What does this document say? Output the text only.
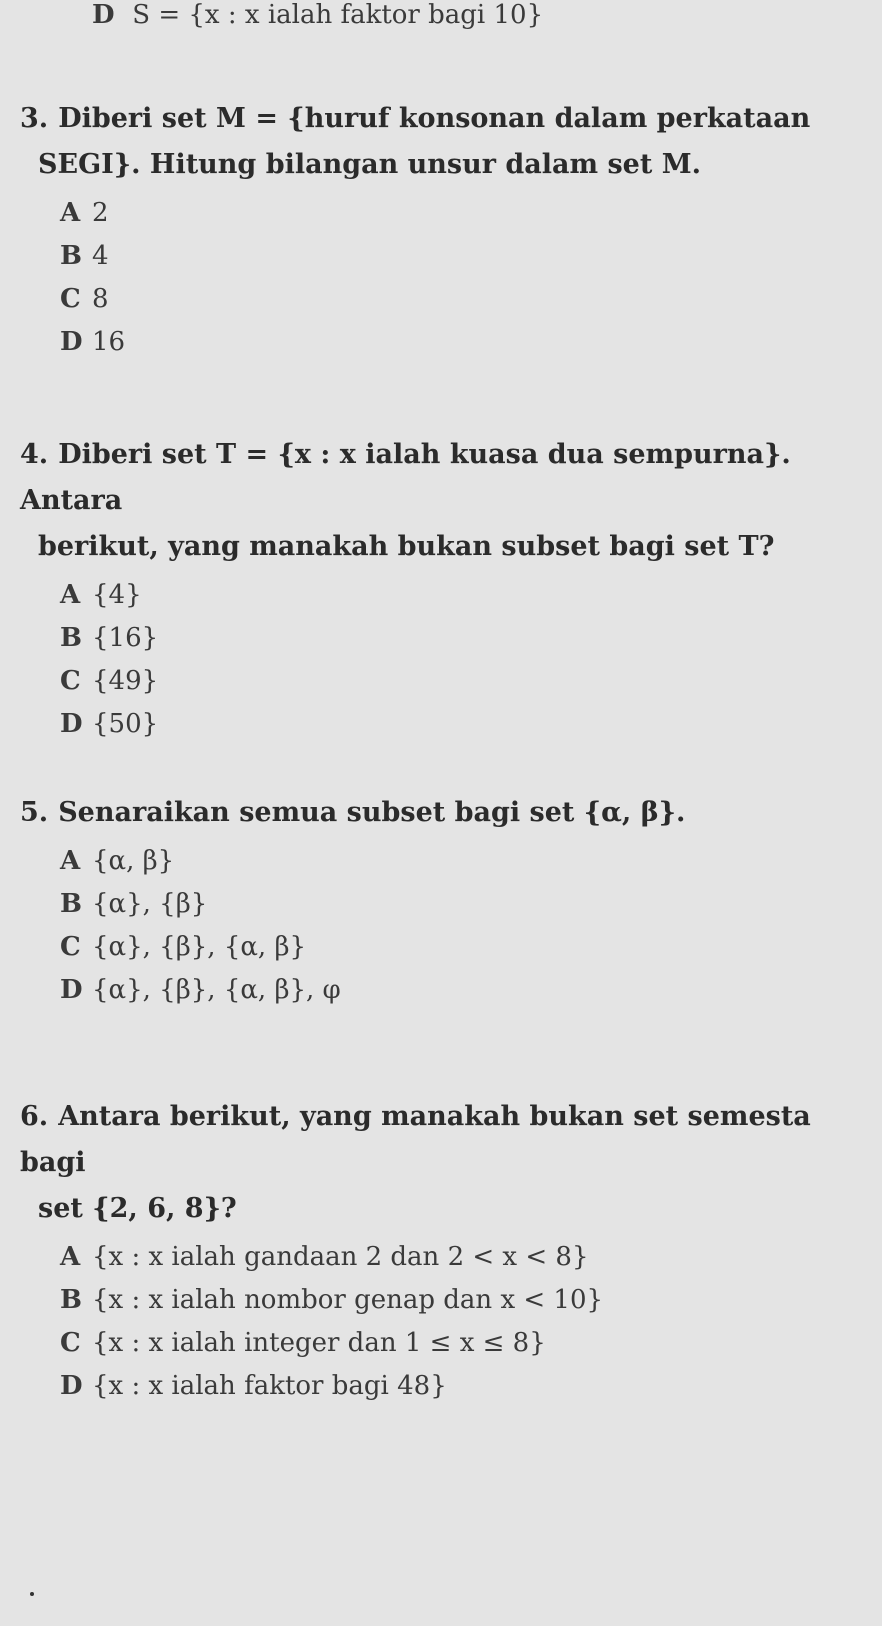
D S = {x : x ialah faktor bagi 10}

3. Diberi set M = {huruf konsonan dalam perkataan
SEGI}. Hitung bilangan unsur dalam set M.

A 2
B 4
C 8
D 16

4. Diberi set T = {x : x ialah kuasa dua sempurna}. Antara
berikut, yang manakah bukan subset bagi set T?

A {4}
B {16}
C {49}
D {50}

5. Senaraikan semua subset bagi set {α, β}.

A {α, β}
B {α}, {β}
C {α}, {β}, {α, β}
D {α}, {β}, {α, β}, φ

6. Antara berikut, yang manakah bukan set semesta bagi
set {2, 6, 8}?

A {x : x ialah gandaan 2 dan 2 < x < 8}
B {x : x ialah nombor genap dan x < 10}
C {x : x ialah integer dan 1 ≤ x ≤ 8}
D {x : x ialah faktor bagi 48}
